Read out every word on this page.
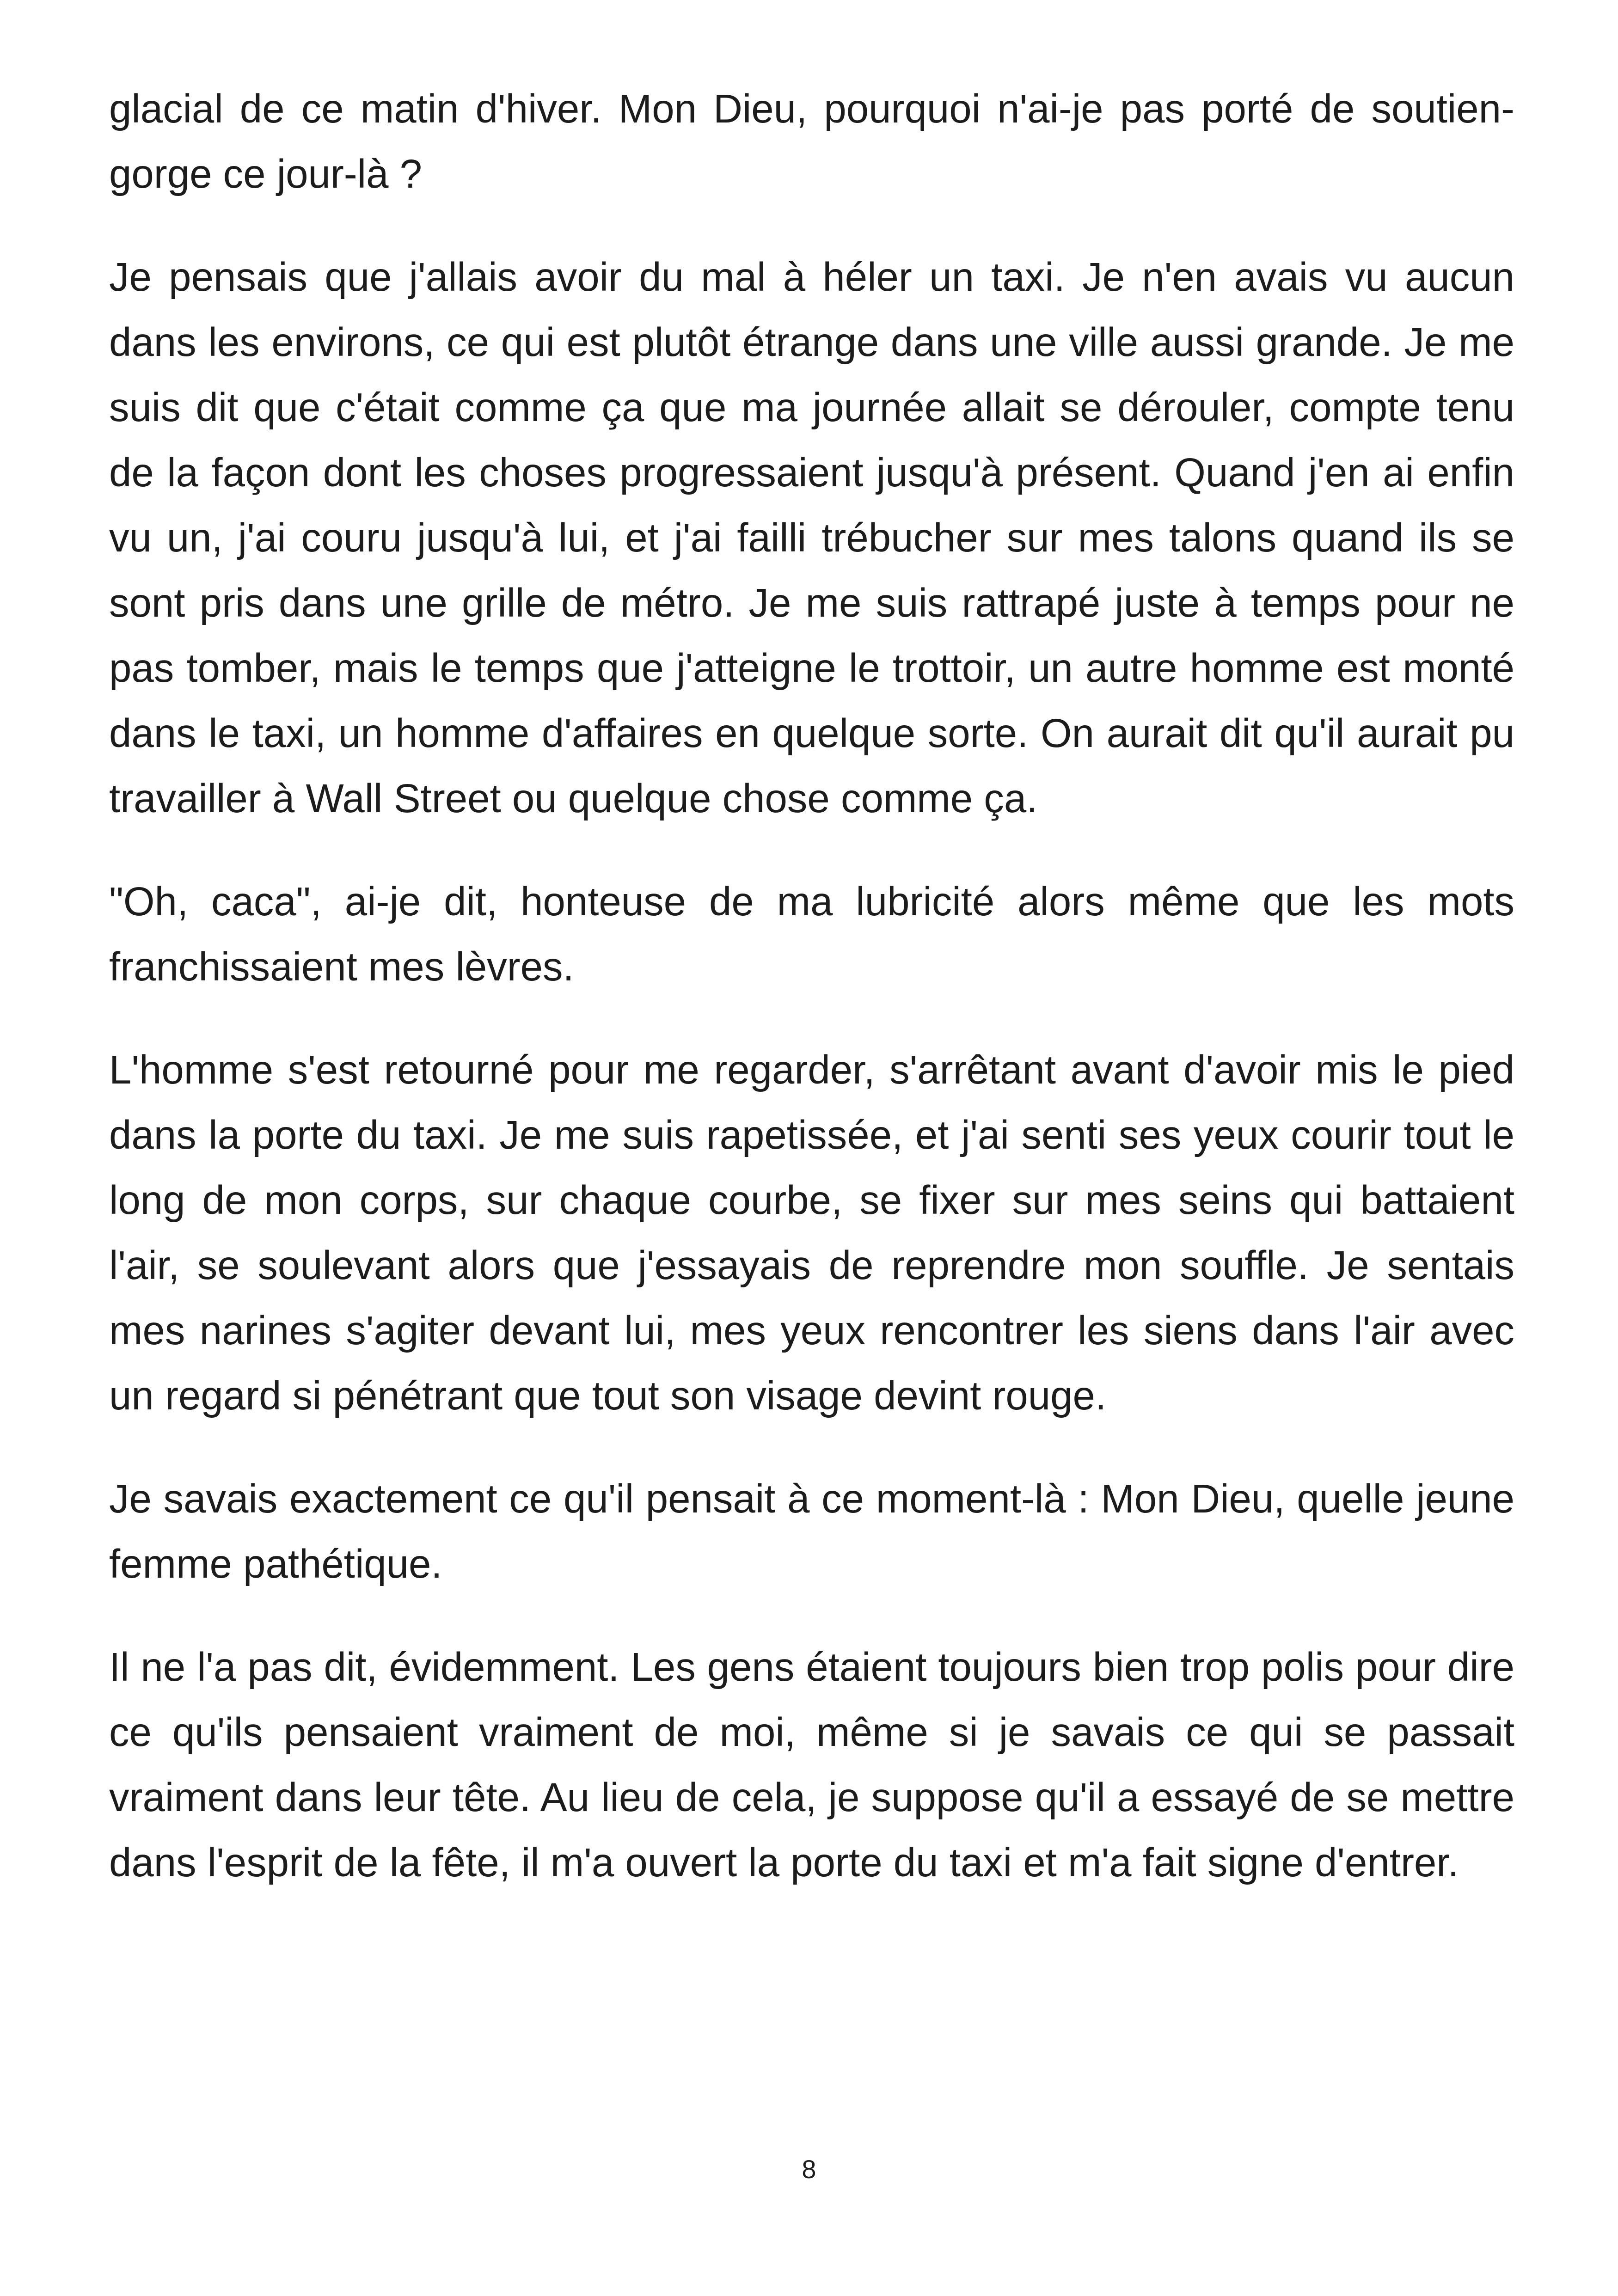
glacial de ce matin d'hiver. Mon Dieu, pourquoi n'ai-je pas porté de soutien-gorge ce jour-là ?

Je pensais que j'allais avoir du mal à héler un taxi. Je n'en avais vu aucun dans les environs, ce qui est plutôt étrange dans une ville aussi grande. Je me suis dit que c'était comme ça que ma journée allait se dérouler, compte tenu de la façon dont les choses progressaient jusqu'à présent. Quand j'en ai enfin vu un, j'ai couru jusqu'à lui, et j'ai failli trébucher sur mes talons quand ils se sont pris dans une grille de métro. Je me suis rattrapé juste à temps pour ne pas tomber, mais le temps que j'atteigne le trottoir, un autre homme est monté dans le taxi, un homme d'affaires en quelque sorte. On aurait dit qu'il aurait pu travailler à Wall Street ou quelque chose comme ça.

"Oh, caca", ai-je dit, honteuse de ma lubricité alors même que les mots franchissaient mes lèvres.

L'homme s'est retourné pour me regarder, s'arrêtant avant d'avoir mis le pied dans la porte du taxi. Je me suis rapetissée, et j'ai senti ses yeux courir tout le long de mon corps, sur chaque courbe, se fixer sur mes seins qui battaient l'air, se soulevant alors que j'essayais de reprendre mon souffle. Je sentais mes narines s'agiter devant lui, mes yeux rencontrer les siens dans l'air avec un regard si pénétrant que tout son visage devint rouge.

Je savais exactement ce qu'il pensait à ce moment-là : Mon Dieu, quelle jeune femme pathétique.

Il ne l'a pas dit, évidemment. Les gens étaient toujours bien trop polis pour dire ce qu'ils pensaient vraiment de moi, même si je savais ce qui se passait vraiment dans leur tête. Au lieu de cela, je suppose qu'il a essayé de se mettre dans l'esprit de la fête, il m'a ouvert la porte du taxi et m'a fait signe d'entrer.

8
